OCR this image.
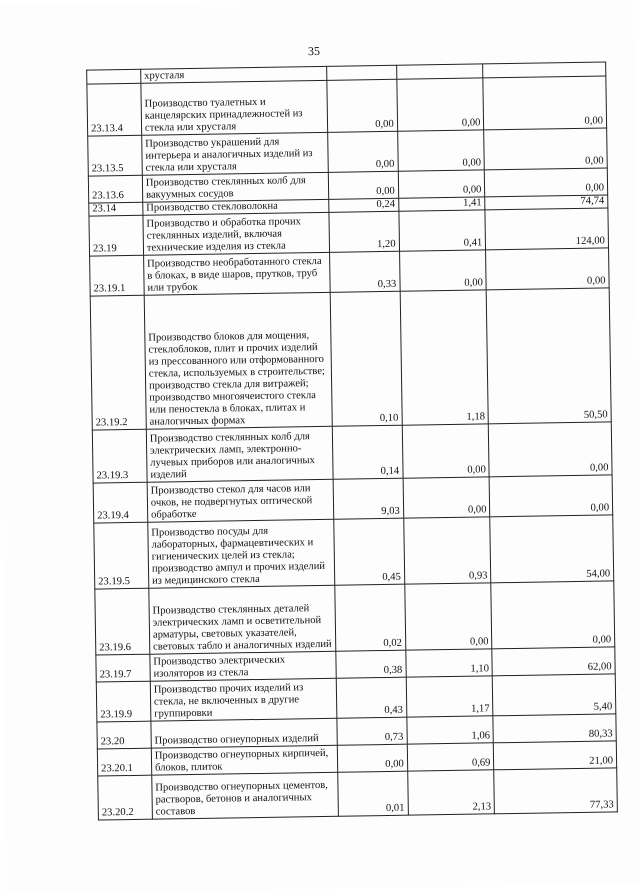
35
	хрусталя			
23.13.4	Производство туалетных и канцелярских принадлежностей из стекла или хрусталя	0,00	0,00	0,00
23.13.5	Производство украшений для интерьера и аналогичных изделий из стекла или хрусталя	0,00	0,00	0,00
23.13.6	Производство стеклянных колб для вакуумных сосудов	0,00	0,00	0,00
23.14	Производство стекловолокна	0,24	1,41	74,74
23.19	Производство и обработка прочих стеклянных изделий, включая технические изделия из стекла	1,20	0,41	124,00
23.19.1	Производство необработанного стекла в блоках, в виде шаров, прутков, труб или трубок	0,33	0,00	0,00
23.19.2	Производство блоков для мощения, стеклоблоков, плит и прочих изделий из прессованного или отформованного стекла, используемых в строительстве; производство стекла для витражей; производство многоячеистого стекла или пеностекла в блоках, плитах и аналогичных формах	0,10	1,18	50,50
23.19.3	Производство стеклянных колб для электрических ламп, электронно-лучевых приборов или аналогичных изделий	0,14	0,00	0,00
23.19.4	Производство стекол для часов или очков, не подвергнутых оптической обработке	9,03	0,00	0,00
23.19.5	Производство посуды для лабораторных, фармацевтических и гигиенических целей из стекла; производство ампул и прочих изделий из медицинского стекла	0,45	0,93	54,00
23.19.6	Производство стеклянных деталей электрических ламп и осветительной арматуры, световых указателей, световых табло и аналогичных изделий	0,02	0,00	0,00
23.19.7	Производство электрических изоляторов из стекла	0,38	1,10	62,00
23.19.9	Производство прочих изделий из стекла, не включенных в другие группировки	0,43	1,17	5,40
23.20	Производство огнеупорных изделий	0,73	1,06	80,33
23.20.1	Производство огнеупорных кирпичей, блоков, плиток	0,00	0,69	21,00
23.20.2	Производство огнеупорных цементов, растворов, бетонов и аналогичных составов	0,01	2,13	77,33
